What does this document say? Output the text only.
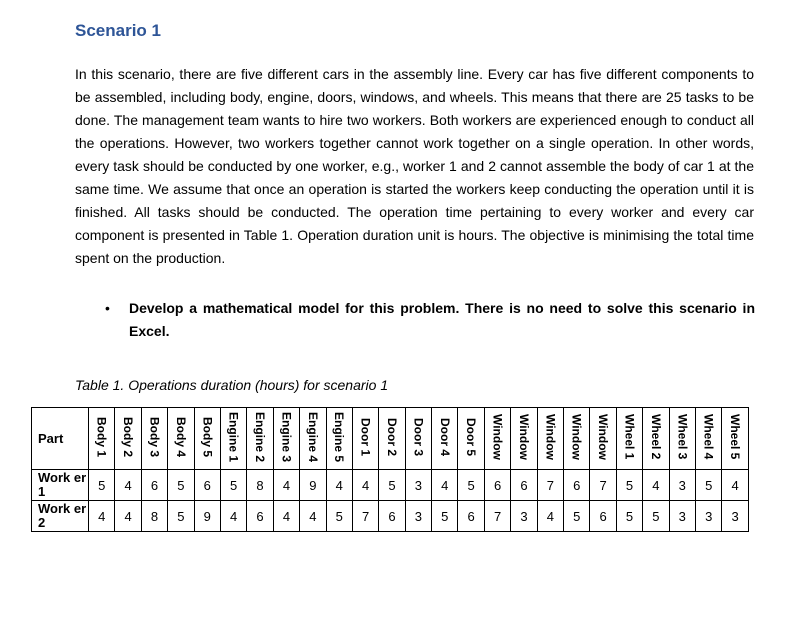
Scenario 1
In this scenario, there are five different cars in the assembly line. Every car has five different components to be assembled, including body, engine, doors, windows, and wheels. This means that there are 25 tasks to be done. The management team wants to hire two workers. Both workers are experienced enough to conduct all the operations. However, two workers together cannot work together on a single operation. In other words, every task should be conducted by one worker, e.g., worker 1 and 2 cannot assemble the body of car 1 at the same time. We assume that once an operation is started the workers keep conducting the operation until it is finished. All tasks should be conducted. The operation time pertaining to every worker and every car component is presented in Table 1. Operation duration unit is hours. The objective is minimising the total time spent on the production.
•	Develop a mathematical model for this problem. There is no need to solve this scenario in Excel.
Table 1. Operations duration (hours) for scenario 1
Part	Body 1	Body 2	Body 3	Body 4	Body 5	Engine 1	Engine 2	Engine 3	Engine 4	Engine 5	Door 1	Door 2	Door 3	Door 4	Door 5	Window	Window	Window	Window	Window	Wheel 1	Wheel 2	Wheel 3	Wheel 4	Wheel 5
Work er 1	5	4	6	5	6	5	8	4	9	4	4	5	3	4	5	6	6	7	6	7	5	4	3	5	4
Work er 2	4	4	8	5	9	4	6	4	4	5	7	6	3	5	6	7	3	4	5	6	5	5	3	3	3
